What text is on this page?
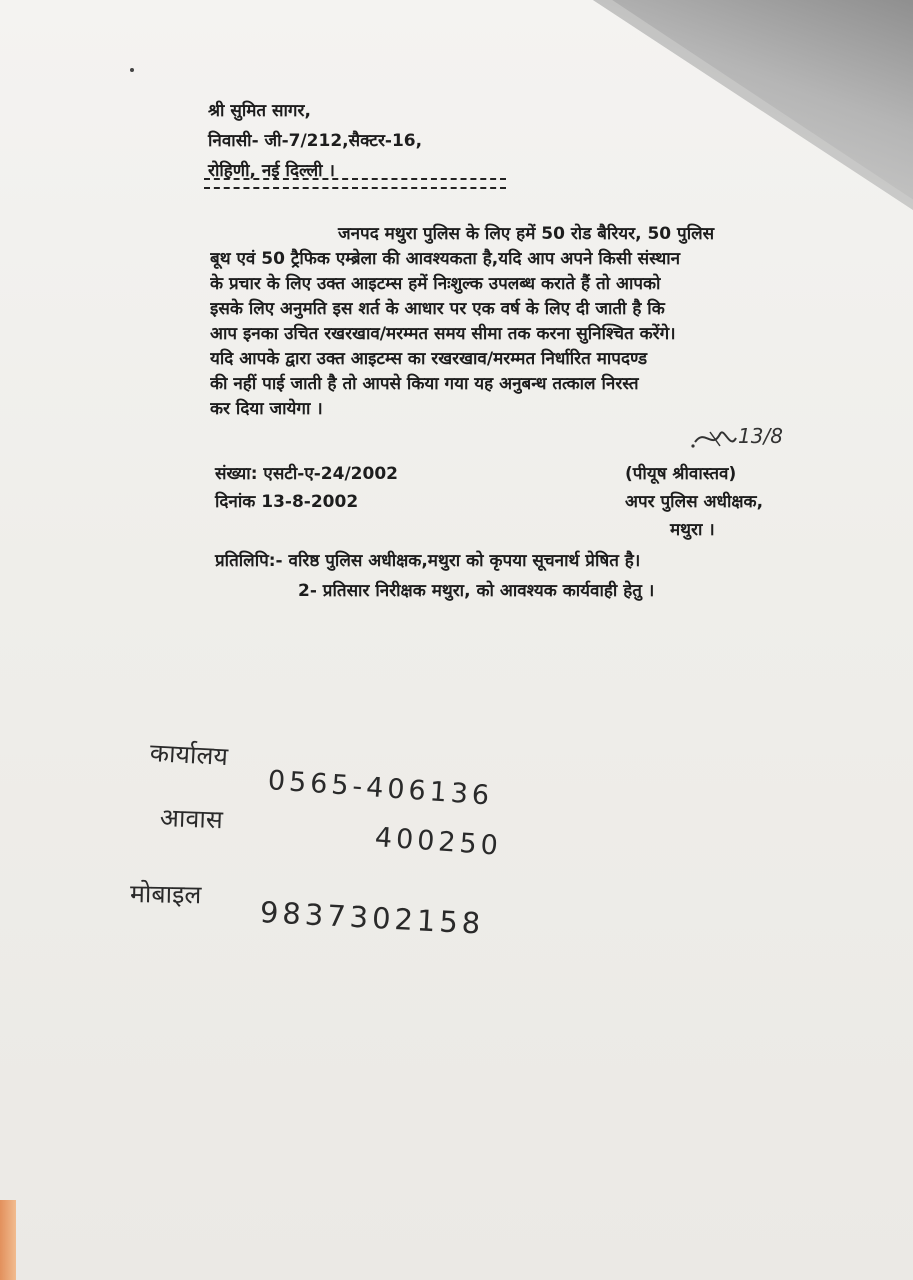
श्री सुमित सागर,
निवासी- जी-7/212,सैक्टर-16,
रोहिणी, नई दिल्ली ।
जनपद मथुरा पुलिस के लिए हमें 50 रोड बैरियर, 50 पुलिस
बूथ एवं 50 ट्रैफिक एम्ब्रेला की आवश्यकता है,यदि आप अपने किसी संस्थान
के प्रचार के लिए उक्त आइटम्स हमें निःशुल्क उपलब्ध कराते हैं तो आपको
इसके लिए अनुमति इस शर्त के आधार पर एक वर्ष के लिए दी जाती है कि
आप इनका उचित रखरखाव/मरम्मत समय सीमा तक करना सुनिश्चित करेंगे।
यदि आपके द्वारा उक्त आइटम्स का रखरखाव/मरम्मत निर्धारित मापदण्ड
की नहीं पाई जाती है तो आपसे किया गया यह अनुबन्ध तत्काल निरस्त
कर दिया जायेगा ।
13/8
संख्या: एसटी-ए-24/2002
दिनांक 13-8-2002
(पीयूष श्रीवास्तव)
अपर पुलिस अधीक्षक,
मथुरा ।
प्रतिलिपि:- वरिष्ठ पुलिस अधीक्षक,मथुरा को कृपया सूचनार्थ प्रेषित है।
2- प्रतिसार निरीक्षक मथुरा, को आवश्यक कार्यवाही हेतु ।
कार्यालय
0565-406136
आवास
400250
मोबाइल
9837302158
